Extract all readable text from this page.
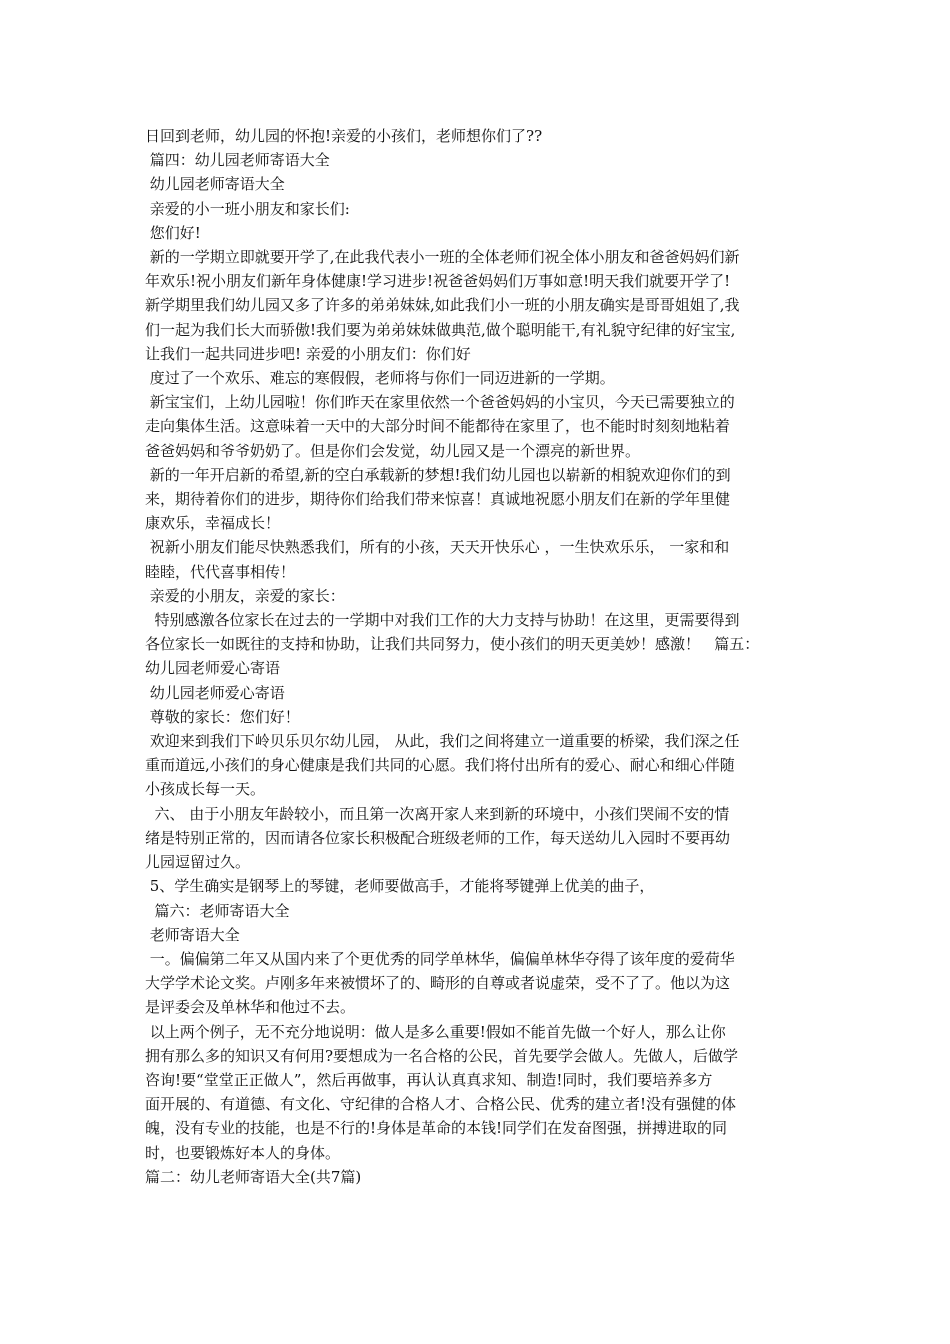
日回到老师，幼儿园的怀抱!亲爱的小孩们，老师想你们了??

篇四：幼儿园老师寄语大全

幼儿园老师寄语大全

亲爱的小一班小朋友和家长们:

您们好!

新的一学期立即就要开学了,在此我代表小一班的全体老师们祝全体小朋友和爸爸妈妈们新

年欢乐!祝小朋友们新年身体健康!学习进步!祝爸爸妈妈们万事如意!明天我们就要开学了!

新学期里我们幼儿园又多了许多的弟弟妹妹,如此我们小一班的小朋友确实是哥哥姐姐了,我

们一起为我们长大而骄傲!我们要为弟弟妹妹做典范,做个聪明能干,有礼貌守纪律的好宝宝,

让我们一起共同进步吧! 亲爱的小朋友们：你们好

度过了一个欢乐、难忘的寒假假，老师将与你们一同迈进新的一学期。

新宝宝们，上幼儿园啦！你们昨天在家里依然一个爸爸妈妈的小宝贝，今天已需要独立的

走向集体生活。这意味着一天中的大部分时间不能都待在家里了，也不能时时刻刻地粘着

爸爸妈妈和爷爷奶奶了。但是你们会发觉，幼儿园又是一个漂亮的新世界。

新的一年开启新的希望,新的空白承载新的梦想!我们幼儿园也以崭新的相貌欢迎你们的到

来，期待着你们的进步，期待你们给我们带来惊喜！真诚地祝愿小朋友们在新的学年里健

康欢乐，幸福成长！

祝新小朋友们能尽快熟悉我们，所有的小孩，天天开快乐心 ，一生快欢乐乐， 一家和和

睦睦，代代喜事相传！

亲爱的小朋友，亲爱的家长：

特别感激各位家长在过去的一学期中对我们工作的大力支持与协助！在这里，更需要得到

各位家长一如既往的支持和协助，让我们共同努力，使小孩们的明天更美妙！感激！   篇五：

幼儿园老师爱心寄语

幼儿园老师爱心寄语

尊敬的家长：您们好！

欢迎来到我们下岭贝乐贝尔幼儿园， 从此，我们之间将建立一道重要的桥梁，我们深之任

重而道远,小孩们的身心健康是我们共同的心愿。我们将付出所有的爱心、耐心和细心伴随

小孩成长每一天。

六、 由于小朋友年龄较小，而且第一次离开家人来到新的环境中，小孩们哭闹不安的情

绪是特别正常的，因而请各位家长积极配合班级老师的工作，每天送幼儿入园时不要再幼

儿园逗留过久。

5、学生确实是钢琴上的琴键，老师要做高手，才能将琴键弹上优美的曲子，

篇六：老师寄语大全

老师寄语大全

一。偏偏第二年又从国内来了个更优秀的同学单林华，偏偏单林华夺得了该年度的爱荷华

大学学术论文奖。卢刚多年来被惯坏了的、畸形的自尊或者说虚荣，受不了了。他以为这

是评委会及单林华和他过不去。

以上两个例子，无不充分地说明：做人是多么重要!假如不能首先做一个好人，那么让你

拥有那么多的知识又有何用?要想成为一名合格的公民，首先要学会做人。先做人，后做学

咨询!要“堂堂正正做人”，然后再做事，再认认真真求知、制造!同时，我们要培养多方

面开展的、有道德、有文化、守纪律的合格人才、合格公民、优秀的建立者!没有强健的体

魄，没有专业的技能，也是不行的!身体是革命的本钱!同学们在发奋图强，拼搏进取的同

时，也要锻炼好本人的身体。

篇二：幼儿老师寄语大全(共7篇)
